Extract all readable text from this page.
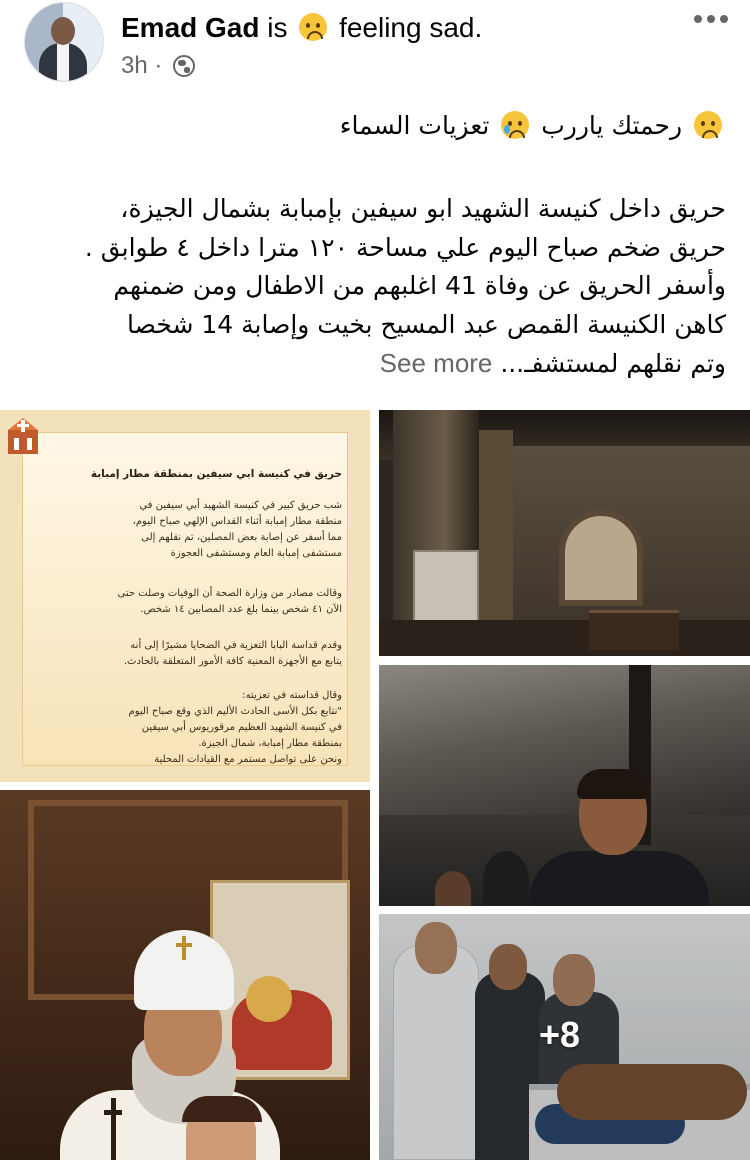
Emad Gad is feeling sad.
3h ·
رحمتك ياررب
تعزيات السماء
حريق داخل كنيسة الشهيد ابو سيفين بإمبابة بشمال الجيزة،
حريق ضخم صباح اليوم علي مساحة ١٢٠ مترا داخل ٤ طوابق .
وأسفر الحريق عن وفاة 41 اغلبهم من الاطفال ومن ضمنهم
كاهن الكنيسة القمص عبد المسيح بخيت وإصابة 14 شخصا
وتم نقلهم لمستشفـ... See more
حريق في كنيسة ابي سيفين بمنطقة مطار إمبابة
شب حريق كبير في كنيسة الشهيد أبي سيفين في
منطقة مطار إمبابة أثناء القداس الإلهي صباح اليوم،
مما أسفر عن إصابة بعض المصلين، تم نقلهم إلى
مستشفى إمبابة العام ومستشفى العجوزة
وقالت مصادر من وزارة الصحة أن الوفيات وصلت حتى
الآن ٤١ شخص بينما بلغ عدد المصابين ١٤ شخص.
وقدم قداسة البابا التعزية في الضحايا مشيرًا إلى أنه
يتابع مع الأجهزة المعنية كافة الأمور المتعلقة بالحادث.
وقال قداسته في تعزيته:
"نتابع بكل الأسى الحادث الأليم الذي وقع صباح اليوم
في كنيسة الشهيد العظيم مرقوريوس أبي سيفين
بمنطقة مطار إمبابة، شمال الجيزة.
ونحن على تواصل مستمر مع القيادات المحلية
+8
